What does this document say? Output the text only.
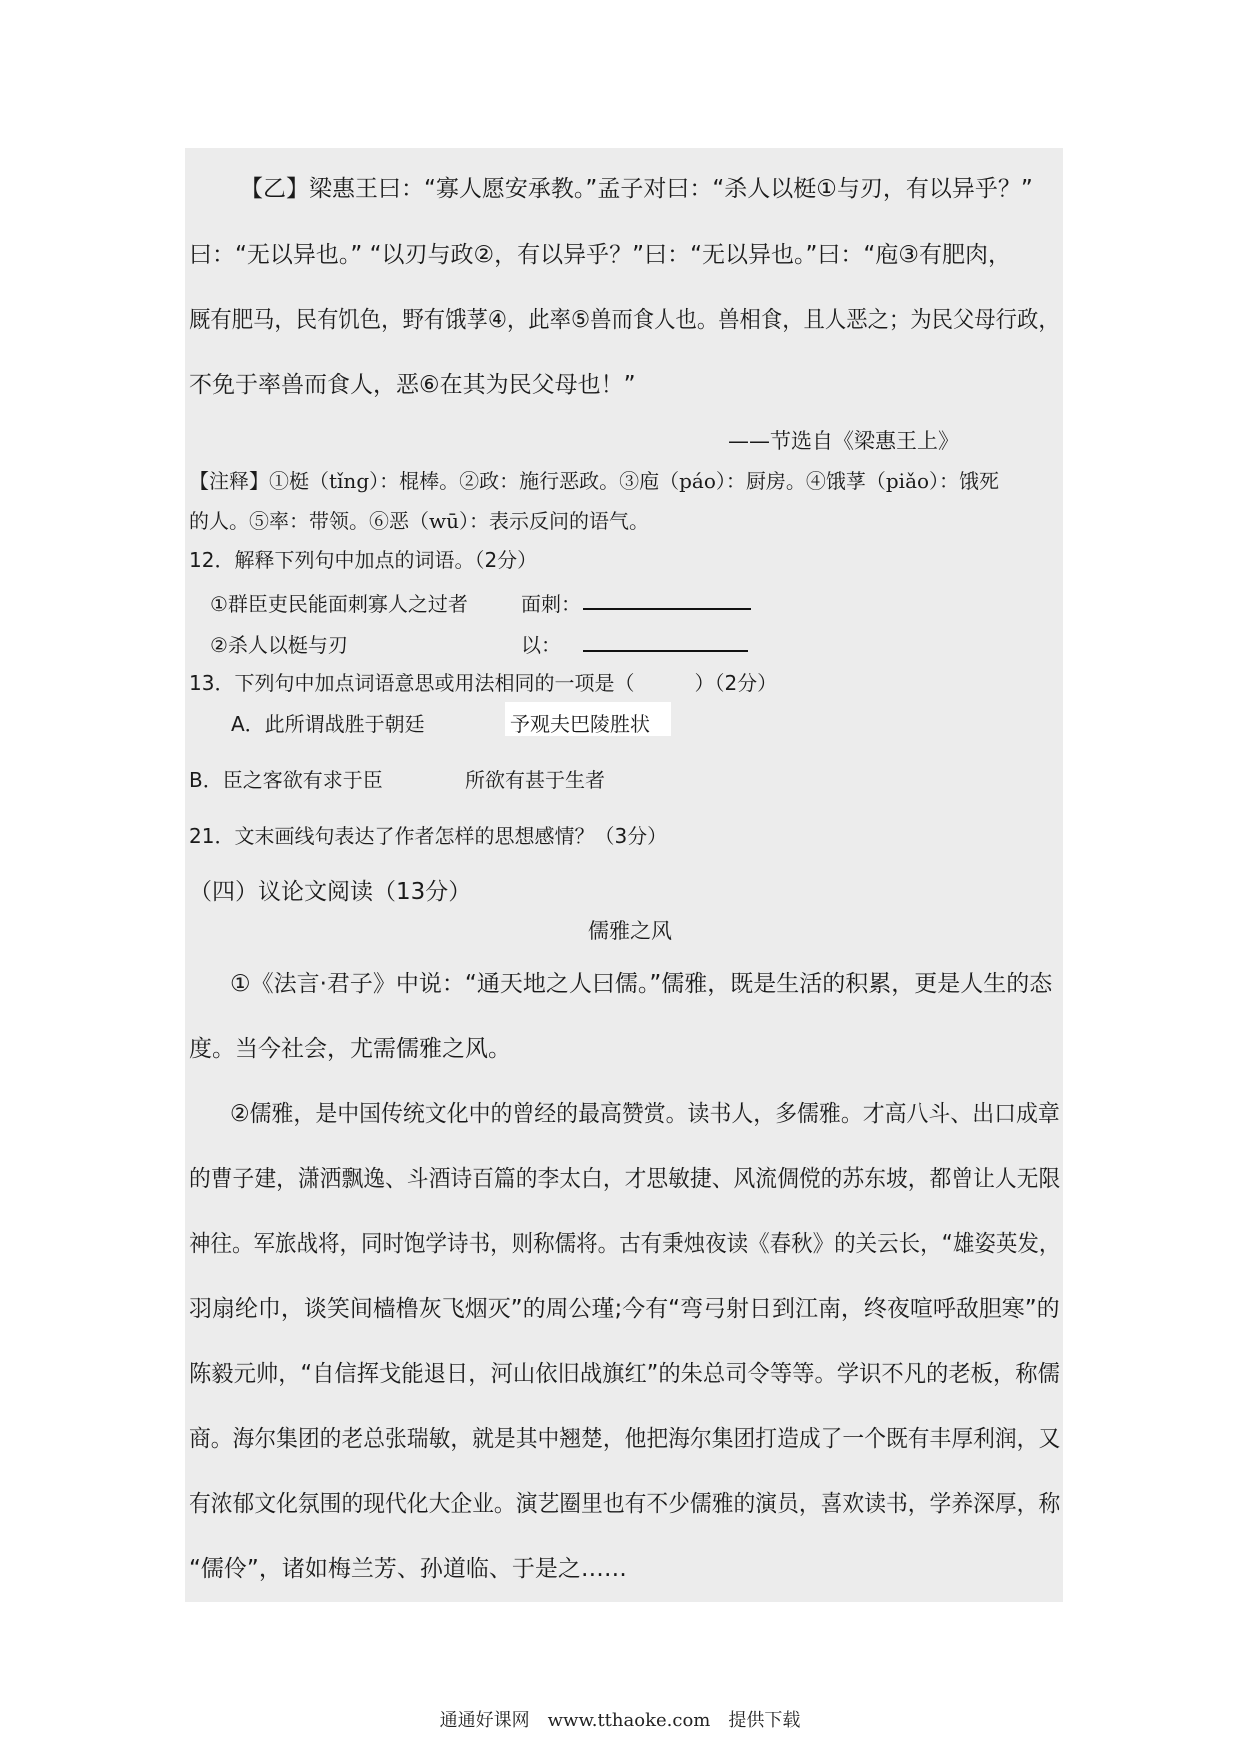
【乙】梁惠王曰：“寡人愿安承教。”孟子对曰：“杀人以梃①与刃，有以异乎？”
曰：“无以异也。” “以刃与政②，有以异乎？”曰：“无以异也。”曰：“庖③有肥肉，
厩有肥马，民有饥色，野有饿莩④，此率⑤兽而食人也。兽相食，且人恶之；为民父母行政，
不免于率兽而食人，恶⑥在其为民父母也！”
——节选自《梁惠王上》
【注释】①梃（tǐng）：棍棒。②政：施行恶政。③庖（páo）：厨房。④饿莩（piǎo）：饿死
的人。⑤率：带领。⑥恶（wū）：表示反问的语气。
12．解释下列句中加点的词语。（2分）
①群臣吏民能面刺寡人之过者	面刺：
②杀人以梃与刃	以：
13．下列句中加点词语意思或用法相同的一项是（　　　）（2分）
A．此所谓战胜于朝廷	予观夫巴陵胜状
B．臣之客欲有求于臣	所欲有甚于生者
21．文末画线句表达了作者怎样的思想感情？（3分）
（四）议论文阅读（13分）
儒雅之风
①《法言·君子》中说：“通天地之人曰儒。”儒雅，既是生活的积累，更是人生的态
度。当今社会，尤需儒雅之风。
②儒雅，是中国传统文化中的曾经的最高赞赏。读书人，多儒雅。才高八斗、出口成章
的曹子建，潇洒飘逸、斗酒诗百篇的李太白，才思敏捷、风流倜傥的苏东坡，都曾让人无限
神往。军旅战将，同时饱学诗书，则称儒将。古有秉烛夜读《春秋》的关云长，“雄姿英发，
羽扇纶巾，谈笑间樯橹灰飞烟灭”的周公瑾;今有“弯弓射日到江南，终夜喧呼敌胆寒”的
陈毅元帅，“自信挥戈能退日，河山依旧战旗红”的朱总司令等等。学识不凡的老板，称儒
商。海尔集团的老总张瑞敏，就是其中翘楚，他把海尔集团打造成了一个既有丰厚利润，又
有浓郁文化氛围的现代化大企业。演艺圈里也有不少儒雅的演员，喜欢读书，学养深厚，称
“儒伶”，诸如梅兰芳、孙道临、于是之……
通通好课网　www.tthaoke.com　提供下载
